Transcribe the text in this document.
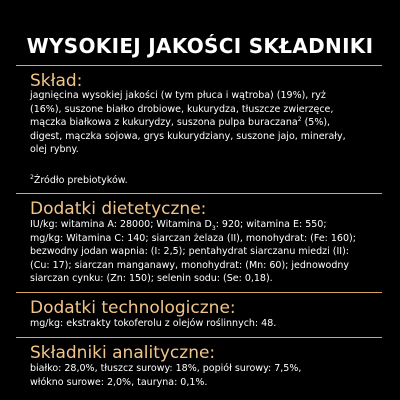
WYSOKIEJ JAKOŚCI SKŁADNIKI
Skład:
jagnięcina wysokiej jakości (w tym płuca i wątroba) (19%), ryż
(16%), suszone białko drobiowe, kukurydza, tłuszcze zwierzęce,
mączka białkowa z kukurydzy, suszona pulpa buraczana$^2$ (5%),
digest, mączka sojowa, grys kukurydziany, suszone jajo, minerały,
olej rybny.
$^2$Źródło prebiotyków.
Dodatki dietetyczne:
IU/kg: witamina A: 28000; Witamina $D_3$: 920; witamina E: 550;
mg/kg: Witamina C: 140; siarczan żelaza (II), monohydrat: (Fe: 160);
bezwodny jodan wapnia: (I: 2,5); pentahydrat siarczanu miedzi (II):
(Cu: 17); siarczan manganawy, monohydrat: (Mn: 60); jednowodny
siarczan cynku: (Zn: 150); selenin sodu: (Se: 0,18).
Dodatki technologiczne:
mg/kg: ekstrakty tokoferolu z olejów roślinnych: 48.
Składniki analityczne:
białko: 28,0%, tłuszcz surowy: 18%, popiół surowy: 7,5%,
włókno surowe: 2,0%, tauryna: 0,1%.
